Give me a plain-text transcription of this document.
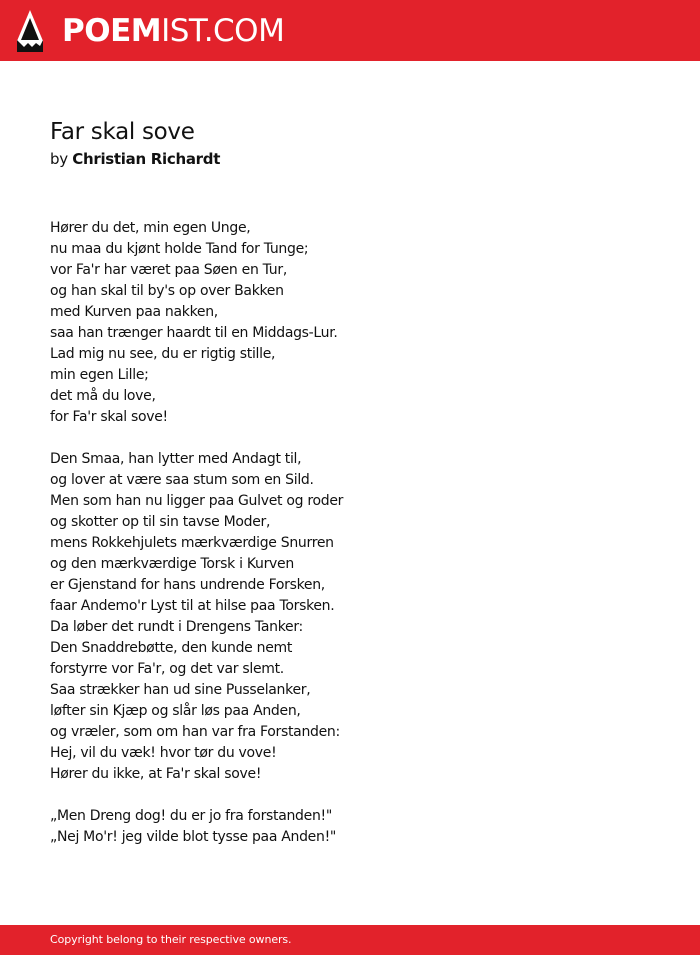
POEMIST.COM
Far skal sove
by Christian Richardt
Hører du det, min egen Unge,
nu maa du kjønt holde Tand for Tunge;
vor Fa'r har været paa Søen en Tur,
og han skal til by's op over Bakken
med Kurven paa nakken,
saa han trænger haardt til en Middags-Lur.
Lad mig nu see, du er rigtig stille,
min egen Lille;
det må du love,
for Fa'r skal sove!
Den Smaa, han lytter med Andagt til,
og lover at være saa stum som en Sild.
Men som han nu ligger paa Gulvet og roder
og skotter op til sin tavse Moder,
mens Rokkehjulets mærkværdige Snurren
og den mærkværdige Torsk i Kurven
er Gjenstand for hans undrende Forsken,
faar Andemo'r Lyst til at hilse paa Torsken.
Da løber det rundt i Drengens Tanker:
Den Snaddrebøtte, den kunde nemt
forstyrre vor Fa'r, og det var slemt.
Saa strækker han ud sine Pusselanker,
løfter sin Kjæp og slår løs paa Anden,
og vræler, som om han var fra Forstanden:
Hej, vil du væk! hvor tør du vove!
Hører du ikke, at Fa'r skal sove!
„Men Dreng dog! du er jo fra forstanden!"
„Nej Mo'r! jeg vilde blot tysse paa Anden!"
Copyright belong to their respective owners.
